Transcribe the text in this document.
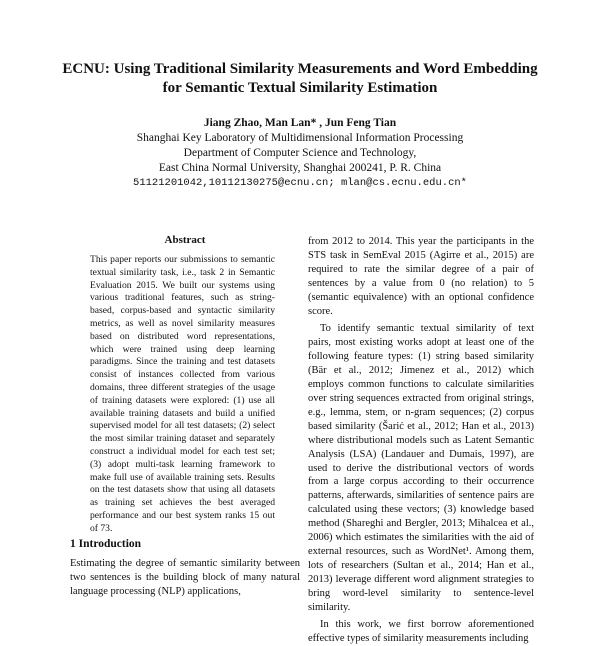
ECNU: Using Traditional Similarity Measurements and Word Embedding
for Semantic Textual Similarity Estimation
Jiang Zhao, Man Lan* , Jun Feng Tian
Shanghai Key Laboratory of Multidimensional Information Processing
Department of Computer Science and Technology,
East China Normal University, Shanghai 200241, P. R. China
51121201042,10112130275@ecnu.cn; mlan@cs.ecnu.edu.cn*
Abstract

This paper reports our submissions to semantic textual similarity task, i.e., task 2 in Semantic Evaluation 2015. We built our systems using various traditional features, such as string-based, corpus-based and syntactic similarity metrics, as well as novel similarity measures based on distributed word representations, which were trained using deep learning paradigms. Since the training and test datasets consist of instances collected from various domains, three different strategies of the usage of training datasets were explored: (1) use all available training datasets and build a unified supervised model for all test datasets; (2) select the most similar training dataset and separately construct a individual model for each test set; (3) adopt multi-task learning framework to make full use of available training sets. Results on the test datasets show that using all datasets as training set achieves the best averaged performance and our best system ranks 15 out of 73.

1 Introduction

Estimating the degree of semantic similarity between two sentences is the building block of many natural language processing (NLP) applications,

from 2012 to 2014. This year the participants in the STS task in SemEval 2015 (Agirre et al., 2015) are required to rate the similar degree of a pair of sentences by a value from 0 (no relation) to 5 (semantic equivalence) with an optional confidence score.

To identify semantic textual similarity of text pairs, most existing works adopt at least one of the following feature types: (1) string based similarity (Bär et al., 2012; Jimenez et al., 2012) which employs common functions to calculate similarities over string sequences extracted from original strings, e.g., lemma, stem, or n-gram sequences; (2) corpus based similarity (Šarić et al., 2012; Han et al., 2013) where distributional models such as Latent Semantic Analysis (LSA) (Landauer and Dumais, 1997), are used to derive the distributional vectors of words from a large corpus according to their occurrence patterns, afterwards, similarities of sentence pairs are calculated using these vectors; (3) knowledge based method (Shareghi and Bergler, 2013; Mihalcea et al., 2006) which estimates the similarities with the aid of external resources, such as WordNet¹. Among them, lots of researchers (Sultan et al., 2014; Han et al., 2013) leverage different word alignment strategies to bring word-level similarity to sentence-level similarity.

In this work, we first borrow aforementioned effective types of similarity measurements including
